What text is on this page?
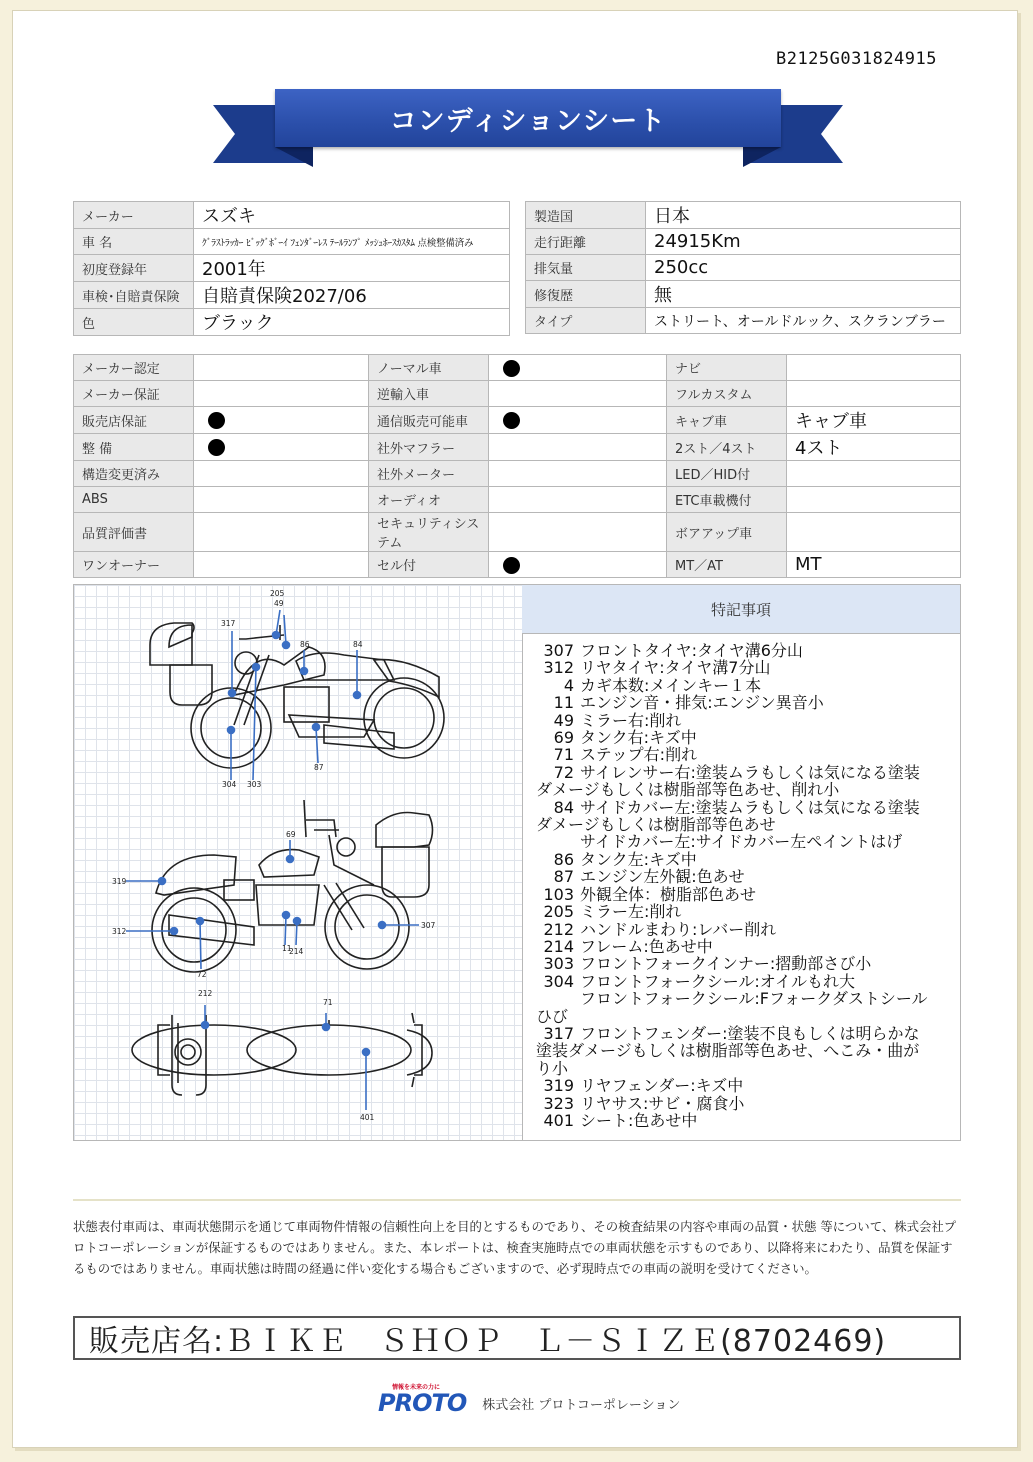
B2125G031824915
コンディションシート
メーカー	スズキ
車 名	ｸﾞﾗｽﾄﾗｯｶｰ ﾋﾞｯｸﾞﾎﾞｰｲ ﾌｪﾝﾀﾞｰﾚｽ ﾃｰﾙﾗﾝﾌﾟ ﾒｯｼｭﾎｰｽｶｽﾀﾑ 点検整備済み
初度登録年	2001年
車検･自賠責保険	自賠責保険2027/06
色	ブラック
製造国	日本
走行距離	24915Km
排気量	250cc
修復歴	無
タイプ	ストリート、オールドルック、スクランブラー
メーカー認定		ノーマル車		ナビ	
メーカー保証		逆輸入車		フルカスタム	
販売店保証		通信販売可能車		キャブ車	キャブ車
整 備		社外マフラー		2スト／4スト	4スト
構造変更済み		社外メーター		LED／HID付	
ABS		オーディオ		ETC車載機付	
品質評価書		セキュリティシステム		ボアアップ車	
ワンオーナー		セル付		MT／AT	MT
205
49
317
86	84
304 303
87
69
319
312
72
11
214
307
212
71
401
特記事項
307 フロントタイヤ:タイヤ溝6分山
312 リヤタイヤ:タイヤ溝7分山
4 カギ本数:メインキー１本
11 エンジン音・排気:エンジン異音小
49 ミラー右:削れ
69 タンク右:キズ中
71 ステップ右:削れ
72 サイレンサー右:塗装ムラもしくは気になる塗装
ダメージもしくは樹脂部等色あせ、削れ小
84 サイドカバー左:塗装ムラもしくは気になる塗装
ダメージもしくは樹脂部等色あせ
サイドカバー左:サイドカバー左ペイントはげ
86 タンク左:キズ中
87 エンジン左外観:色あせ
103 外観全体：樹脂部色あせ
205 ミラー左:削れ
212 ハンドルまわり:レバー削れ
214 フレーム:色あせ中
303 フロントフォークインナー:摺動部さび小
304 フロントフォークシール:オイルもれ大
フロントフォークシール:Fフォークダストシール
ひび
317 フロントフェンダー:塗装不良もしくは明らかな
塗装ダメージもしくは樹脂部等色あせ、へこみ・曲が
り小
319 リヤフェンダー:キズ中
323 リヤサス:サビ・腐食小
401 シート:色あせ中
状態表付車両は、車両状態開示を通じて車両物件情報の信頼性向上を目的とするものであり、その検査結果の内容や車両の品質・状態 等について、株式会社プロトコーポレーションが保証するものではありません。また、本レポートは、検査実施時点での車両状態を示すものであり、以降将来にわたり、品質を保証するものではありません。車両状態は時間の経過に伴い変化する場合もございますので、必ず現時点での車両の説明を受けてください。
販売店名:ＢＩＫＥ　ＳＨＯＰ　Ｌ－ＳＩＺＥ(8702469)
情報を未来の力に
PROTO 株式会社 プロトコーポレーション
